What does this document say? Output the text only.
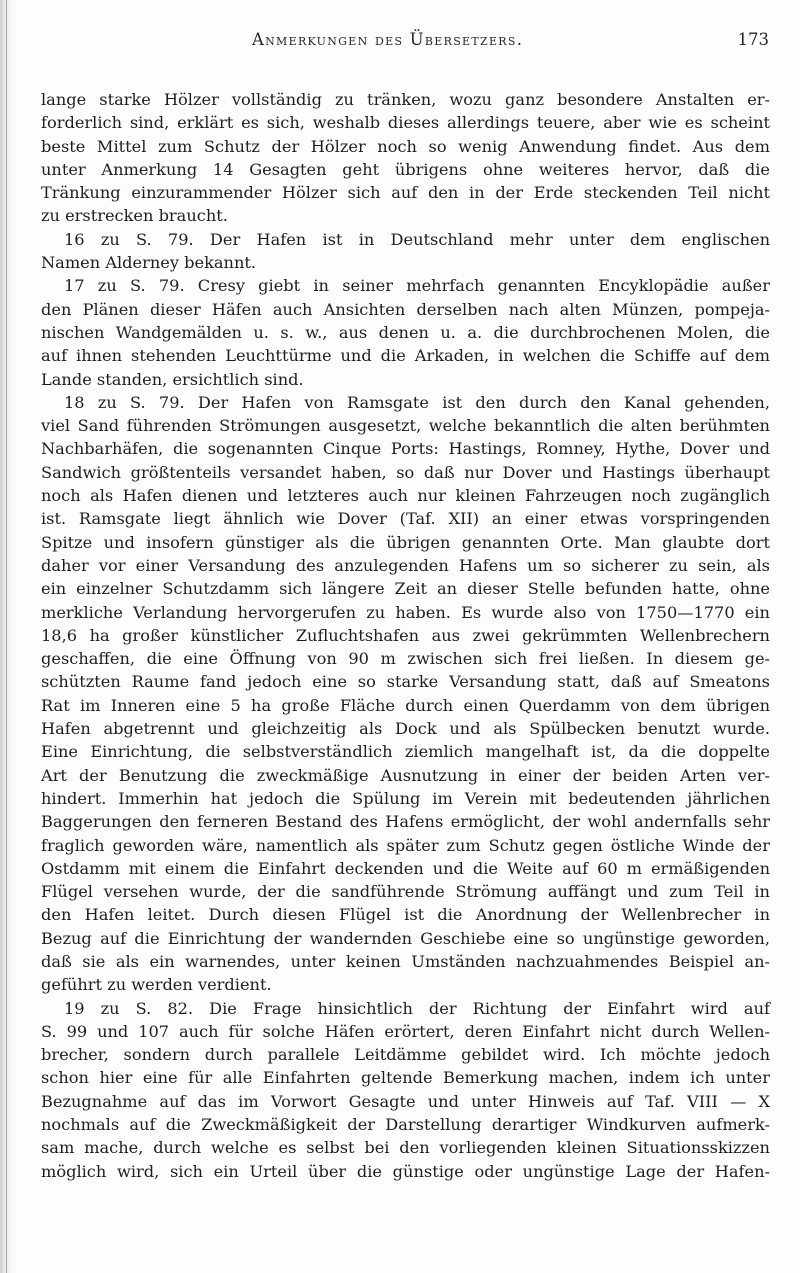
Anmerkungen des Übersetzers.	173
lange starke Hölzer vollständig zu tränken, wozu ganz besondere Anstalten er-
forderlich sind, erklärt es sich, weshalb dieses allerdings teuere, aber wie es scheint
beste Mittel zum Schutz der Hölzer noch so wenig Anwendung findet. Aus dem
unter Anmerkung 14 Gesagten geht übrigens ohne weiteres hervor, daß die
Tränkung einzurammender Hölzer sich auf den in der Erde steckenden Teil nicht
zu erstrecken braucht.
16 zu S. 79. Der Hafen ist in Deutschland mehr unter dem englischen
Namen Alderney bekannt.
17 zu S. 79. Cresy giebt in seiner mehrfach genannten Encyklopädie außer
den Plänen dieser Häfen auch Ansichten derselben nach alten Münzen, pompeja-
nischen Wandgemälden u. s. w., aus denen u. a. die durchbrochenen Molen, die
auf ihnen stehenden Leuchttürme und die Arkaden, in welchen die Schiffe auf dem
Lande standen, ersichtlich sind.
18 zu S. 79. Der Hafen von Ramsgate ist den durch den Kanal gehenden,
viel Sand führenden Strömungen ausgesetzt, welche bekanntlich die alten berühmten
Nachbarhäfen, die sogenannten Cinque Ports: Hastings, Romney, Hythe, Dover und
Sandwich größtenteils versandet haben, so daß nur Dover und Hastings überhaupt
noch als Hafen dienen und letzteres auch nur kleinen Fahrzeugen noch zugänglich
ist. Ramsgate liegt ähnlich wie Dover (Taf. XII) an einer etwas vorspringenden
Spitze und insofern günstiger als die übrigen genannten Orte. Man glaubte dort
daher vor einer Versandung des anzulegenden Hafens um so sicherer zu sein, als
ein einzelner Schutzdamm sich längere Zeit an dieser Stelle befunden hatte, ohne
merkliche Verlandung hervorgerufen zu haben. Es wurde also von 1750—1770 ein
18,6 ha großer künstlicher Zufluchtshafen aus zwei gekrümmten Wellenbrechern
geschaffen, die eine Öffnung von 90 m zwischen sich frei ließen. In diesem ge-
schützten Raume fand jedoch eine so starke Versandung statt, daß auf Smeatons
Rat im Inneren eine 5 ha große Fläche durch einen Querdamm von dem übrigen
Hafen abgetrennt und gleichzeitig als Dock und als Spülbecken benutzt wurde.
Eine Einrichtung, die selbstverständlich ziemlich mangelhaft ist, da die doppelte
Art der Benutzung die zweckmäßige Ausnutzung in einer der beiden Arten ver-
hindert. Immerhin hat jedoch die Spülung im Verein mit bedeutenden jährlichen
Baggerungen den ferneren Bestand des Hafens ermöglicht, der wohl andernfalls sehr
fraglich geworden wäre, namentlich als später zum Schutz gegen östliche Winde der
Ostdamm mit einem die Einfahrt deckenden und die Weite auf 60 m ermäßigenden
Flügel versehen wurde, der die sandführende Strömung auffängt und zum Teil in
den Hafen leitet. Durch diesen Flügel ist die Anordnung der Wellenbrecher in
Bezug auf die Einrichtung der wandernden Geschiebe eine so ungünstige geworden,
daß sie als ein warnendes, unter keinen Umständen nachzuahmendes Beispiel an-
geführt zu werden verdient.
19 zu S. 82. Die Frage hinsichtlich der Richtung der Einfahrt wird auf
S. 99 und 107 auch für solche Häfen erörtert, deren Einfahrt nicht durch Wellen-
brecher, sondern durch parallele Leitdämme gebildet wird. Ich möchte jedoch
schon hier eine für alle Einfahrten geltende Bemerkung machen, indem ich unter
Bezugnahme auf das im Vorwort Gesagte und unter Hinweis auf Taf. VIII — X
nochmals auf die Zweckmäßigkeit der Darstellung derartiger Windkurven aufmerk-
sam mache, durch welche es selbst bei den vorliegenden kleinen Situationsskizzen
möglich wird, sich ein Urteil über die günstige oder ungünstige Lage der Hafen-
